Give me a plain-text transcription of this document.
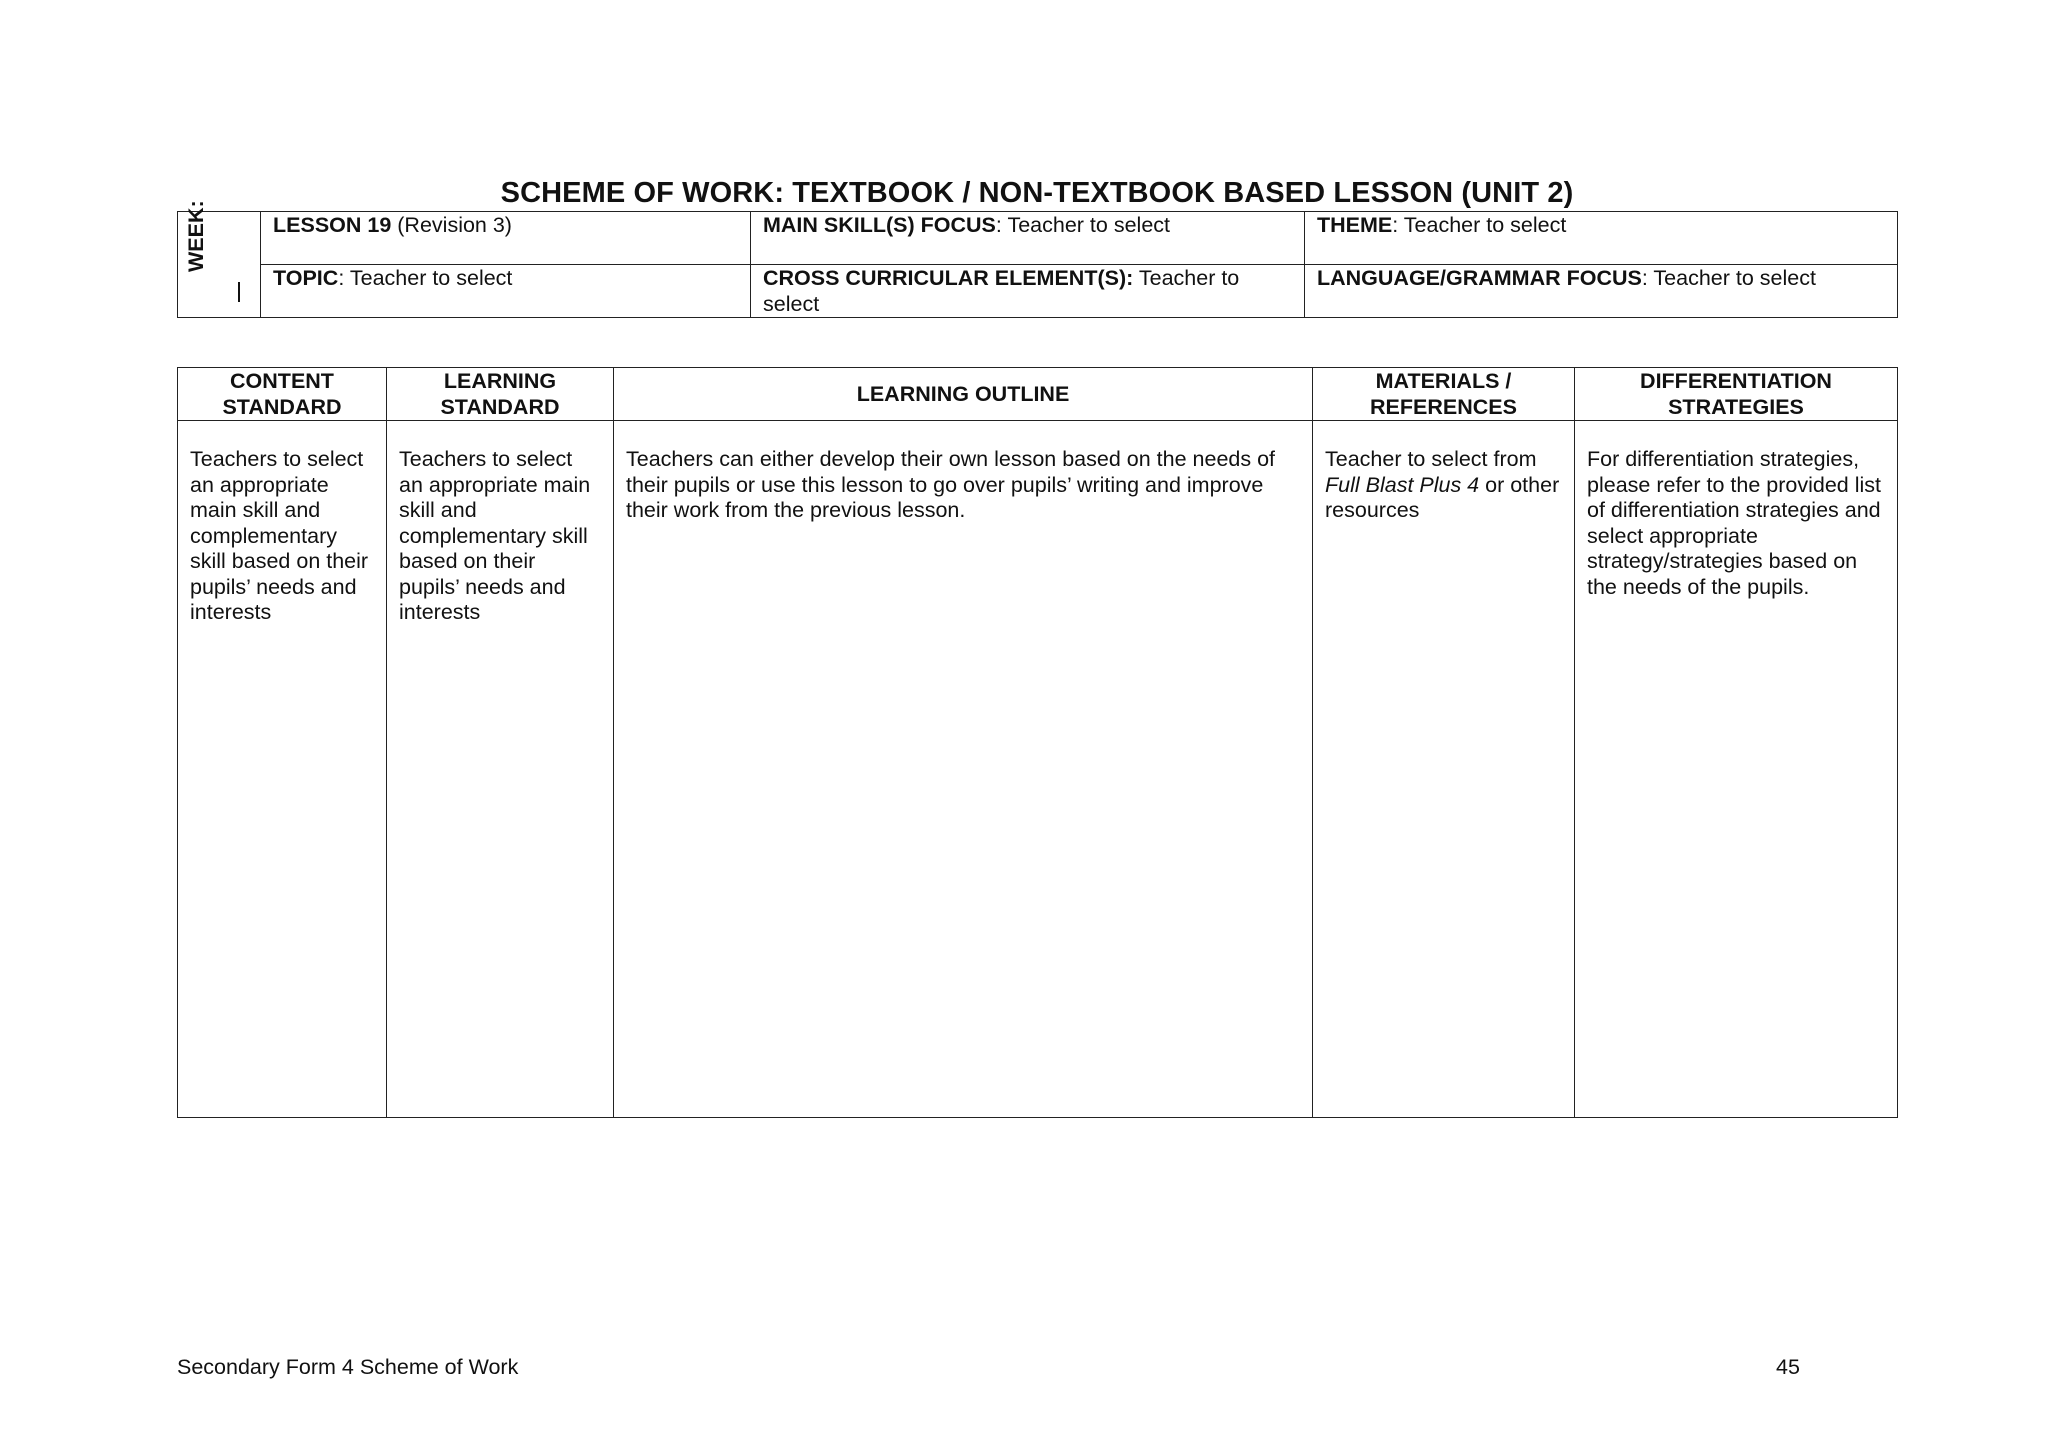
SCHEME OF WORK: TEXTBOOK / NON-TEXTBOOK BASED LESSON (UNIT 2)
WEEK:	LESSON 19 (Revision 3)	MAIN SKILL(S) FOCUS: Teacher to select	THEME: Teacher to select
	TOPIC: Teacher to select	CROSS CURRICULAR ELEMENT(S): Teacher to select	LANGUAGE/GRAMMAR FOCUS: Teacher to select
CONTENT STANDARD	LEARNING STANDARD	LEARNING OUTLINE	MATERIALS / REFERENCES	DIFFERENTIATION STRATEGIES
Teachers to select an appropriate main skill and complementary skill based on their pupils’ needs and interests	Teachers to select an appropriate main skill and complementary skill based on their pupils’ needs and interests	Teachers can either develop their own lesson based on the needs of their pupils or use this lesson to go over pupils’ writing and improve their work from the previous lesson.	Teacher to select from Full Blast Plus 4 or other resources	For differentiation strategies, please refer to the provided list of differentiation strategies and select appropriate strategy/strategies based on the needs of the pupils.
Secondary Form 4 Scheme of Work	45
